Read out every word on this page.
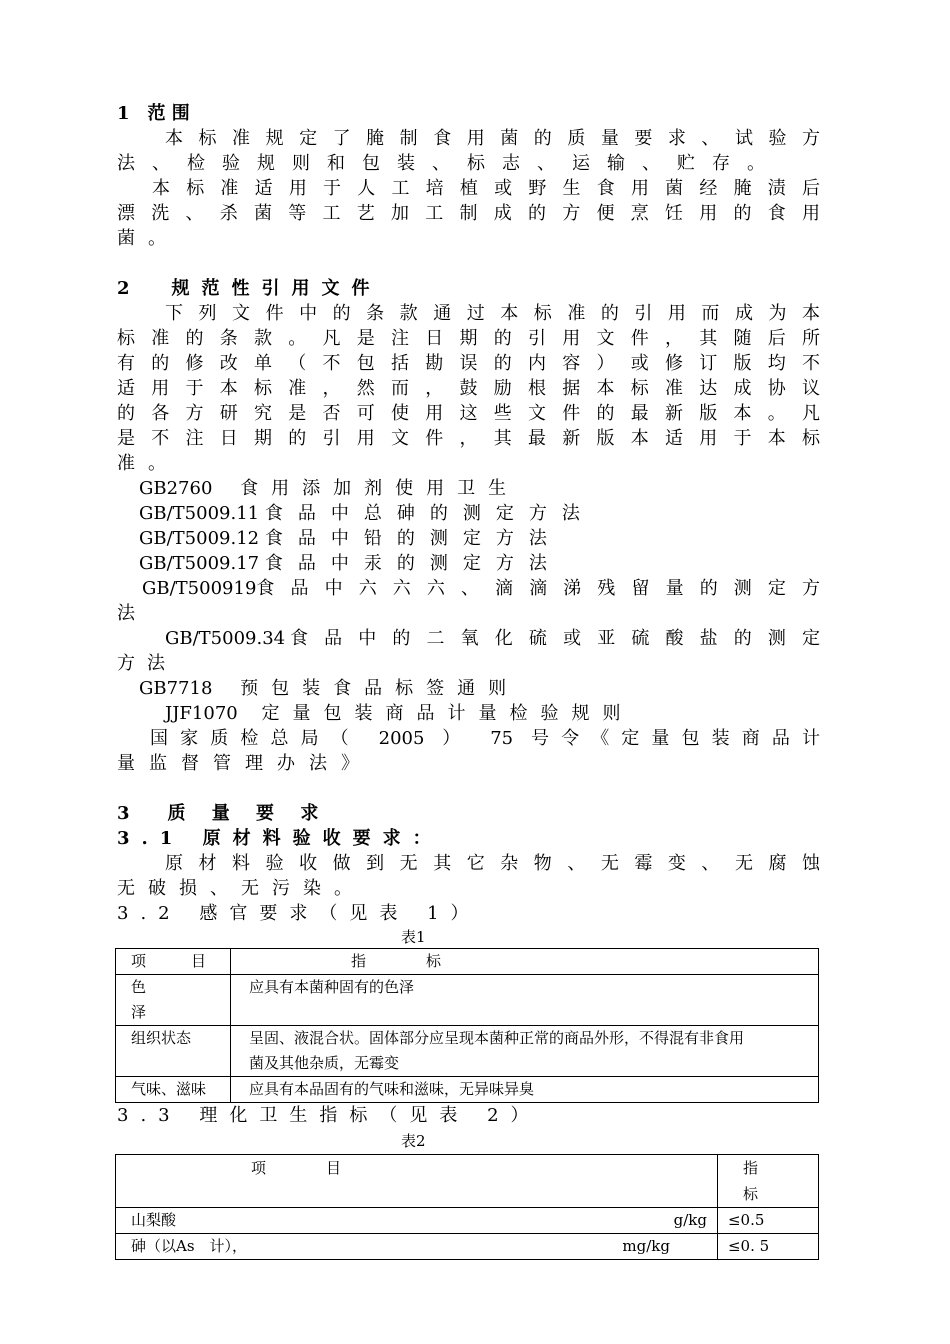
1　范 围
本标准规定了腌制食用菌的质量要求、试验方
法、检验规则和包装、标志、运输、贮存。
本标准适用于人工培植或野生食用菌经腌渍后
漂洗、杀菌等工艺加工制成的方便烹饪用的食用
菌。
2　规范性引用文件
下列文件中的条款通过本标准的引用而成为本
标准的条款。凡是注日期的引用文件，其随后所
有的修改单（不包括勘误的内容）或修订版均不
适用于本标准，然而，鼓励根据本标准达成协议
的各方研究是否可使用这些文件的最新版本。凡
是不注日期的引用文件，其最新版本适用于本标
准。
GB2760 食用添加剂使用卫生
GB/T5009.11 食品中总砷的测定方法
GB/T5009.12 食品中铅的测定方法
GB/T5009.17 食品中汞的测定方法
GB/T500919 食品中六六六、滴滴涕残留量的测定方
法
GB/T5009.34 食品中的二氧化硫或亚硫酸盐的测定
方法
GB7718 预包装食品标签通则
JJF1070 定量包装商品计量检验规则
国家质检总局（ 2005 ） 75 号令《定量包装商品计
量监督管理办法》
3　质 量 要 求
3.1 原材料验收要求：
原材料验收做到无其它杂物、无霉变、无腐蚀
无破损、无污染。
3.2 感官要求（见表 1）
表1
项　　　目	指　　　　标

色
泽	应具有本菌种固有的色泽
组织状态	呈固、液混合状。固体部分应呈现本菌种正常的商品外形，不得混有非食用
菌及其他杂质，无霉变

气味、滋味	应具有本品固有的气味和滋味，无异味异臭
3.3 理化卫生指标（见表 2）
表2
项　　　　目	指　　　　标
山梨酸 g/kg	≤0.5
砷（以As　计）， mg/kg	≤0. 5
